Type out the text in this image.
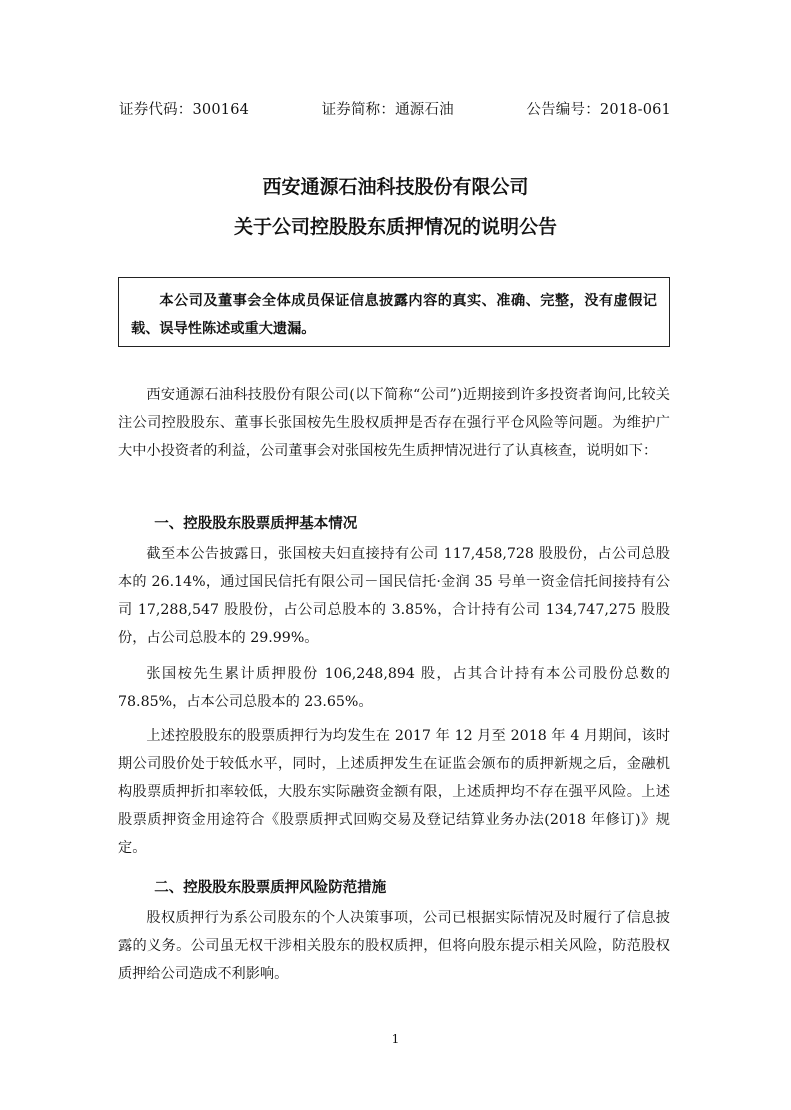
证券代码：300164	证券简称：通源石油	公告编号：2018-061
西安通源石油科技股份有限公司
关于公司控股股东质押情况的说明公告
本公司及董事会全体成员保证信息披露内容的真实、准确、完整，没有虚假记载、误导性陈述或重大遗漏。
西安通源石油科技股份有限公司(以下简称“公司”)近期接到许多投资者询问,比较关注公司控股股东、董事长张国桉先生股权质押是否存在强行平仓风险等问题。为维护广大中小投资者的利益，公司董事会对张国桉先生质押情况进行了认真核查，说明如下：
一、控股股东股票质押基本情况
截至本公告披露日，张国桉夫妇直接持有公司 117,458,728 股股份，占公司总股本的 26.14%，通过国民信托有限公司－国民信托·金润 35 号单一资金信托间接持有公司 17,288,547 股股份，占公司总股本的 3.85%，合计持有公司 134,747,275 股股份，占公司总股本的 29.99%。
张国桉先生累计质押股份 106,248,894 股，占其合计持有本公司股份总数的 78.85%，占本公司总股本的 23.65%。
上述控股股东的股票质押行为均发生在 2017 年 12 月至 2018 年 4 月期间，该时期公司股价处于较低水平，同时，上述质押发生在证监会颁布的质押新规之后，金融机构股票质押折扣率较低，大股东实际融资金额有限，上述质押均不存在强平风险。上述股票质押资金用途符合《股票质押式回购交易及登记结算业务办法(2018 年修订)》规定。
二、控股股东股票质押风险防范措施
股权质押行为系公司股东的个人决策事项，公司已根据实际情况及时履行了信息披露的义务。公司虽无权干涉相关股东的股权质押，但将向股东提示相关风险，防范股权质押给公司造成不利影响。
1
